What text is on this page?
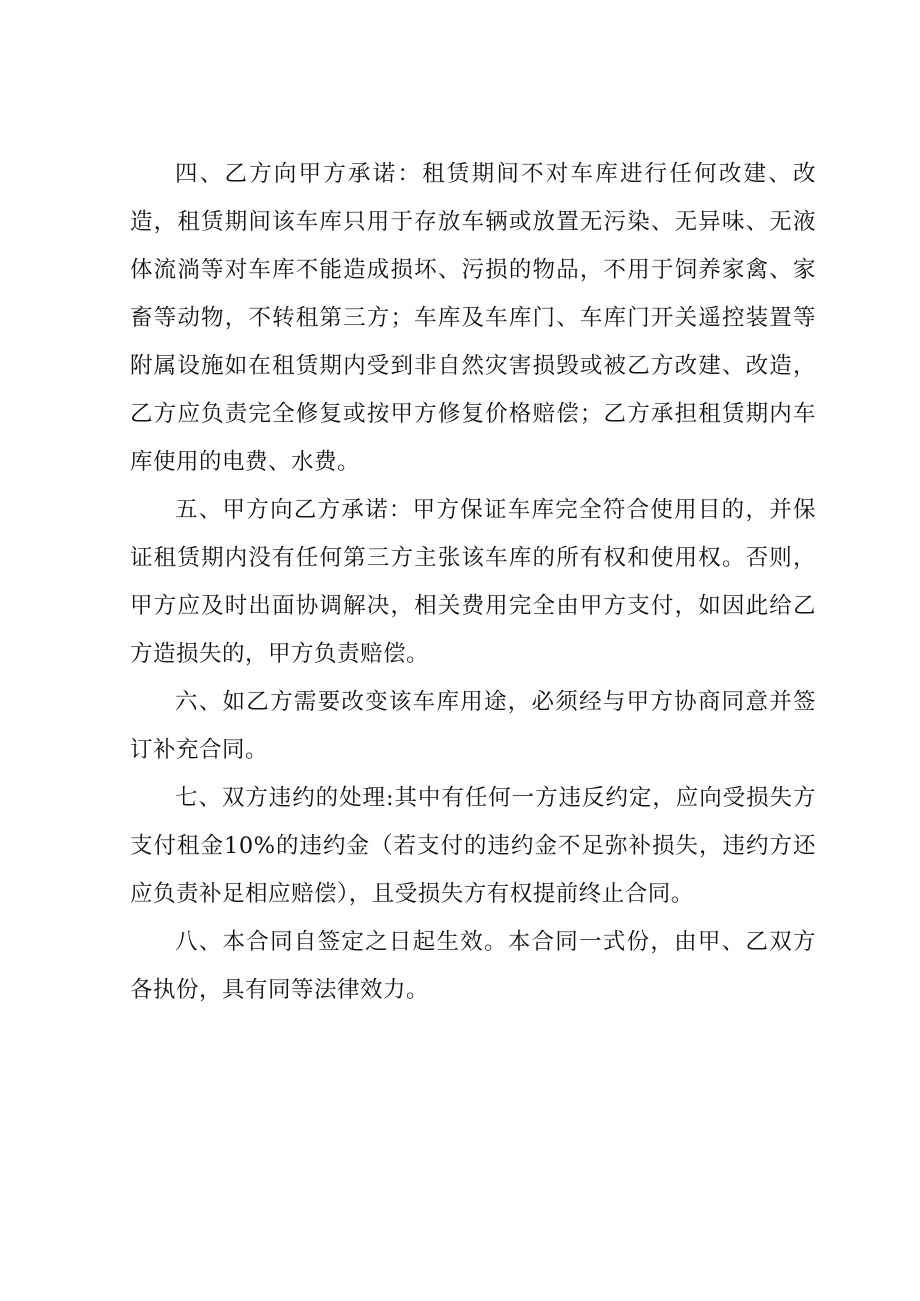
四、乙方向甲方承诺：租赁期间不对车库进行任何改建、改造，租赁期间该车库只用于存放车辆或放置无污染、无异味、无液体流淌等对车库不能造成损坏、污损的物品，不用于饲养家禽、家畜等动物，不转租第三方；车库及车库门、车库门开关遥控装置等附属设施如在租赁期内受到非自然灾害损毁或被乙方改建、改造，乙方应负责完全修复或按甲方修复价格赔偿；乙方承担租赁期内车库使用的电费、水费。

五、甲方向乙方承诺：甲方保证车库完全符合使用目的，并保证租赁期内没有任何第三方主张该车库的所有权和使用权。否则，甲方应及时出面协调解决，相关费用完全由甲方支付，如因此给乙方造损失的，甲方负责赔偿。

六、如乙方需要改变该车库用途，必须经与甲方协商同意并签订补充合同。

七、双方违约的处理:其中有任何一方违反约定，应向受损失方支付租金10%的违约金（若支付的违约金不足弥补损失，违约方还应负责补足相应赔偿），且受损失方有权提前终止合同。

八、本合同自签定之日起生效。本合同一式份，由甲、乙双方各执份，具有同等法律效力。
